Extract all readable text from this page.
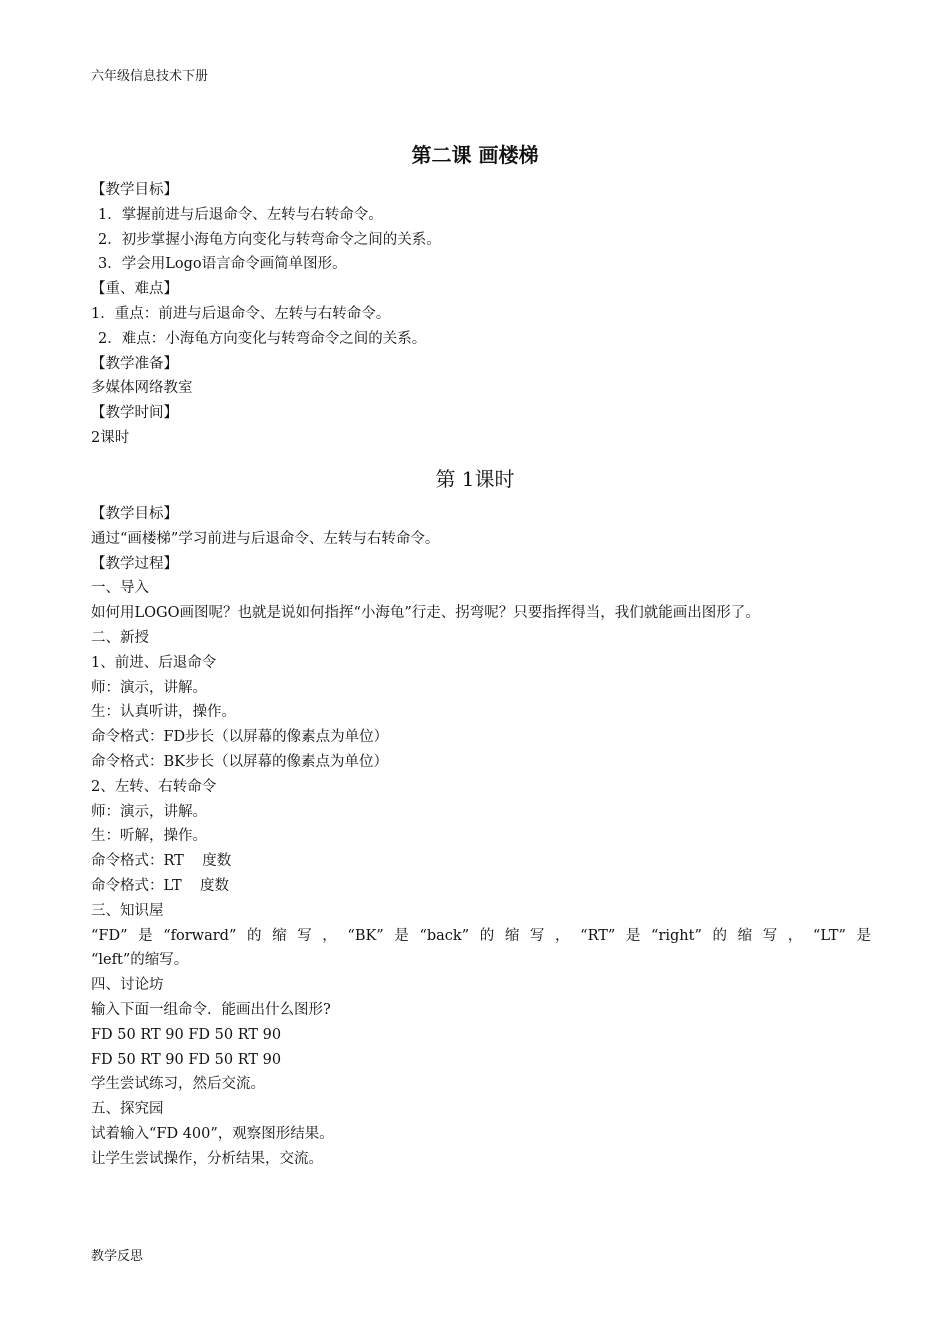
六年级信息技术下册
第二课 画楼梯

【教学目标】

1．掌握前进与后退命令、左转与右转命令。

2．初步掌握小海龟方向变化与转弯命令之间的关系。

3．学会用Logo语言命令画简单图形。

【重、难点】

1．重点：前进与后退命令、左转与右转命令。

2．难点：小海龟方向变化与转弯命令之间的关系。

【教学准备】

多媒体网络教室

【教学时间】

2课时

第 1课时

【教学目标】

通过“画楼梯”学习前进与后退命令、左转与右转命令。

【教学过程】

一、导入

如何用LOGO画图呢？也就是说如何指挥“小海龟”行走、拐弯呢？只要指挥得当，我们就能画出图形了。

二、新授

1、前进、后退命令

师：演示，讲解。

生：认真听讲，操作。

命令格式：FD步长（以屏幕的像素点为单位）

命令格式：BK步长（以屏幕的像素点为单位）

2、左转、右转命令

师：演示，讲解。

生：听解，操作。

命令格式：RT    度数

命令格式：LT    度数

三、知识屋

“FD”是“forward”的缩写，“BK”是“back”的缩写，“RT”是“right”的缩写，“LT”是

“left”的缩写。

四、讨论坊

输入下面一组命令．能画出什么图形?

FD 50 RT 90 FD 50 RT 90

FD 50 RT 90 FD 50 RT 90

学生尝试练习，然后交流。

五、探究园

试着输入“FD 400”，观察图形结果。

让学生尝试操作，分析结果，交流。

教学反思
